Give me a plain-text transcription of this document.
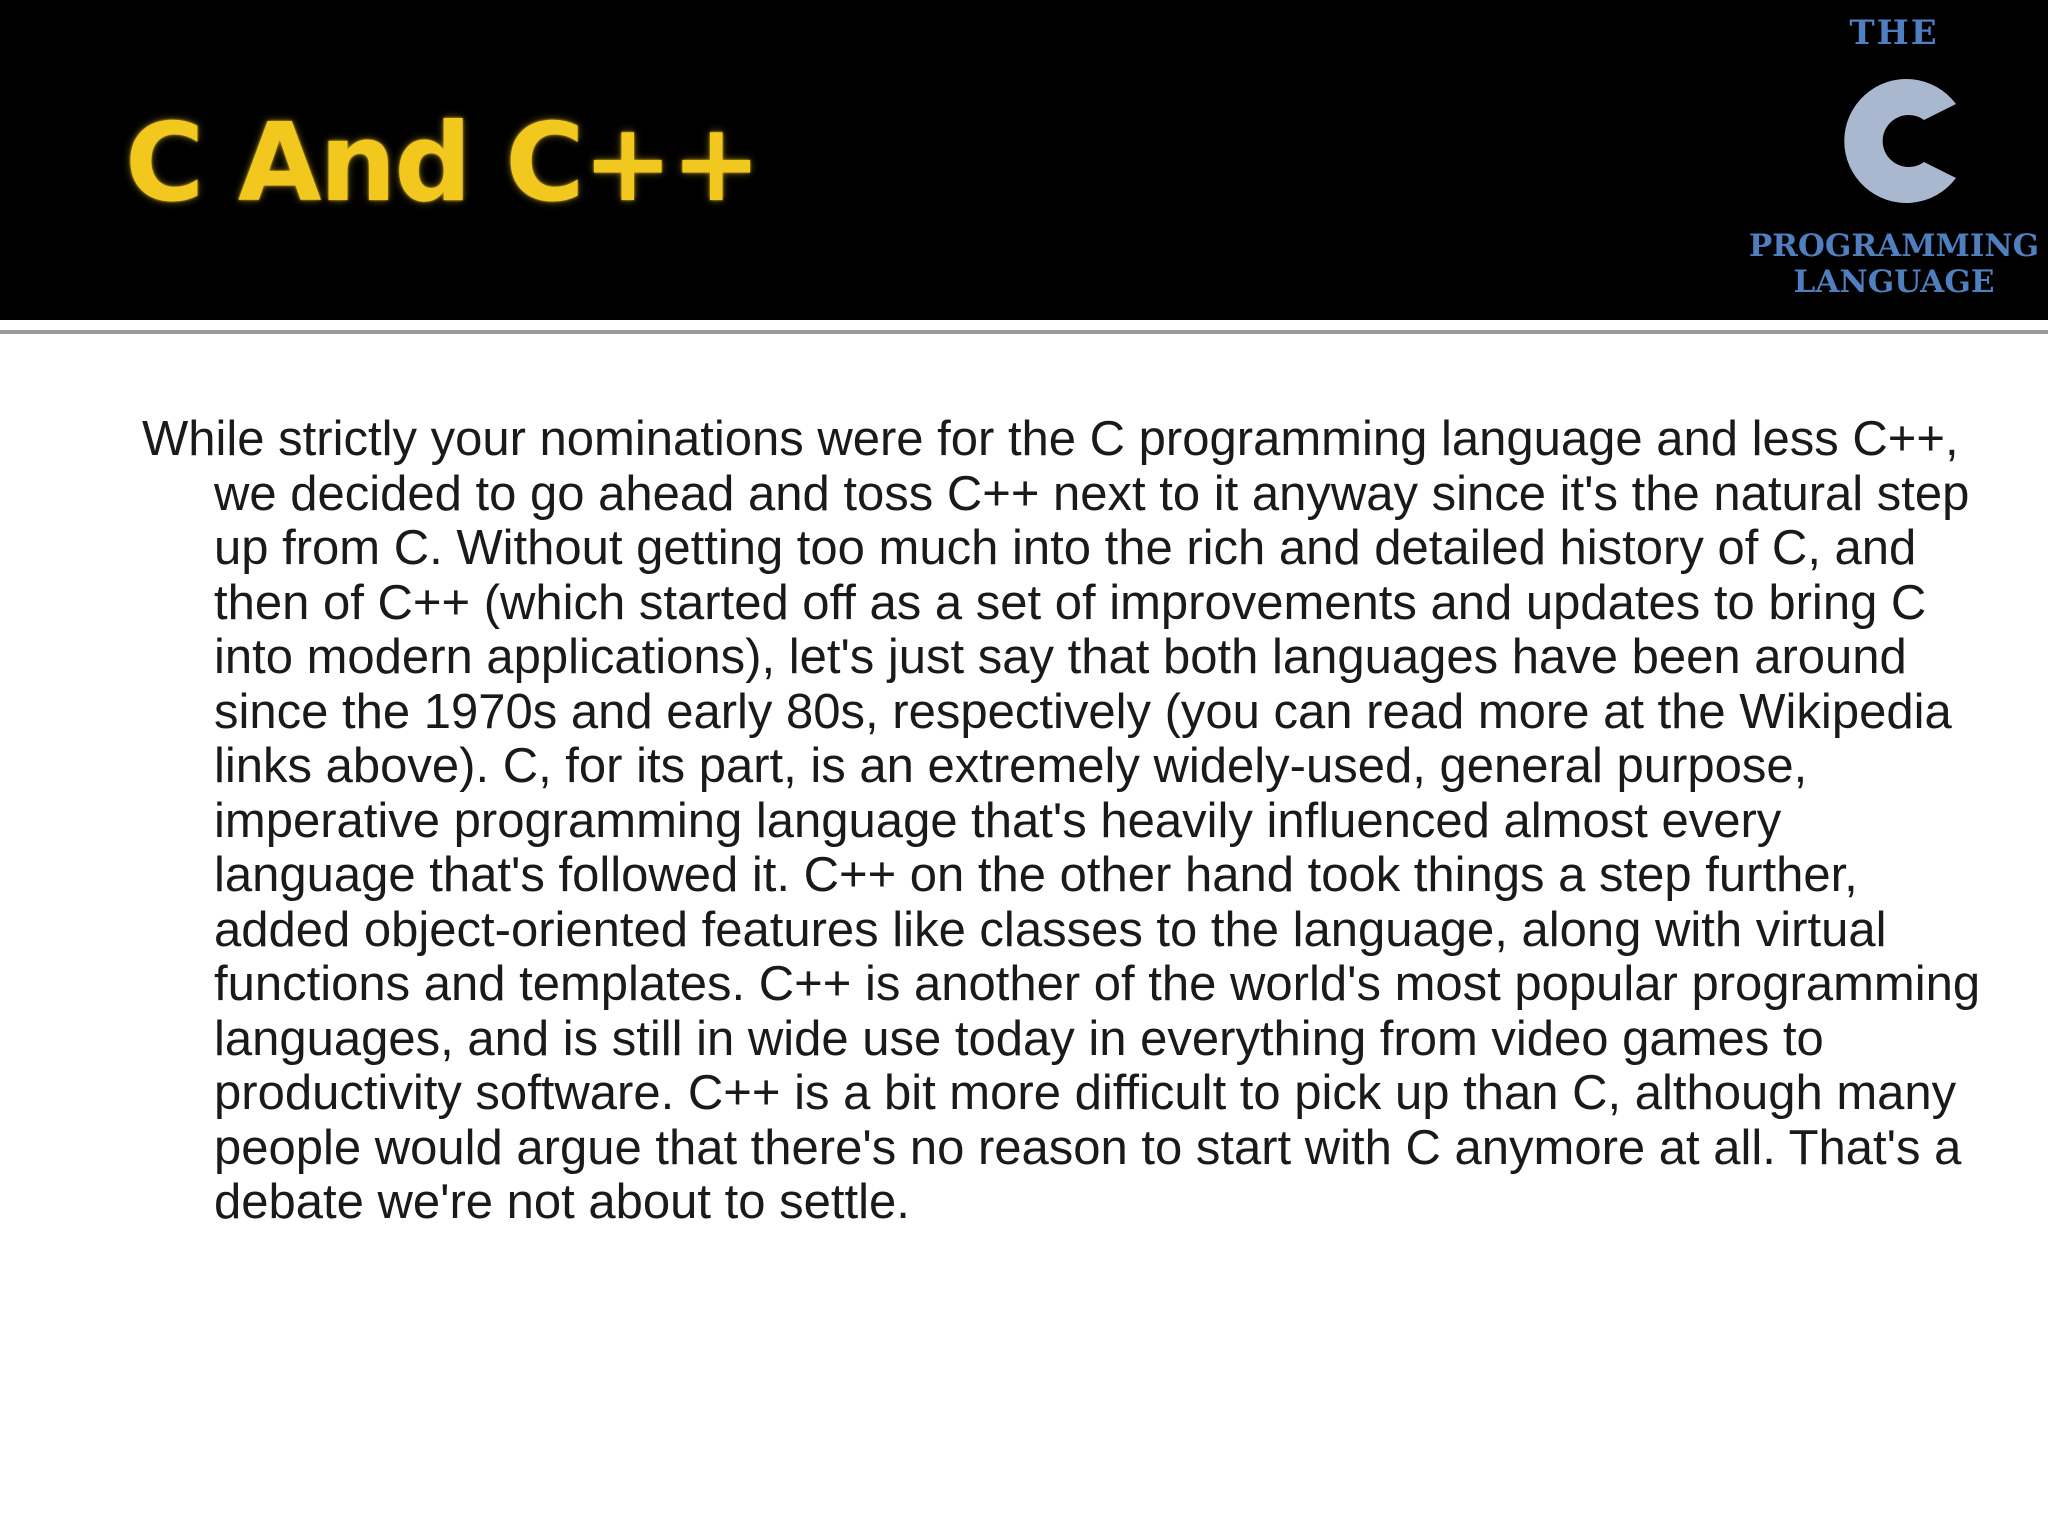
C And C++
THE
PROGRAMMING
LANGUAGE

While strictly your nominations were for the C programming language and less C++, we decided to go ahead and toss C++ next to it anyway since it's the natural step up from C. Without getting too much into the rich and detailed history of C, and then of C++ (which started off as a set of improvements and updates to bring C into modern applications), let's just say that both languages have been around since the 1970s and early 80s, respectively (you can read more at the Wikipedia links above). C, for its part, is an extremely widely-used, general purpose, imperative programming language that's heavily influenced almost every language that's followed it. C++ on the other hand took things a step further, added object-oriented features like classes to the language, along with virtual functions and templates. C++ is another of the world's most popular programming languages, and is still in wide use today in everything from video games to productivity software. C++ is a bit more difficult to pick up than C, although many people would argue that there's no reason to start with C anymore at all. That's a debate we're not about to settle.
